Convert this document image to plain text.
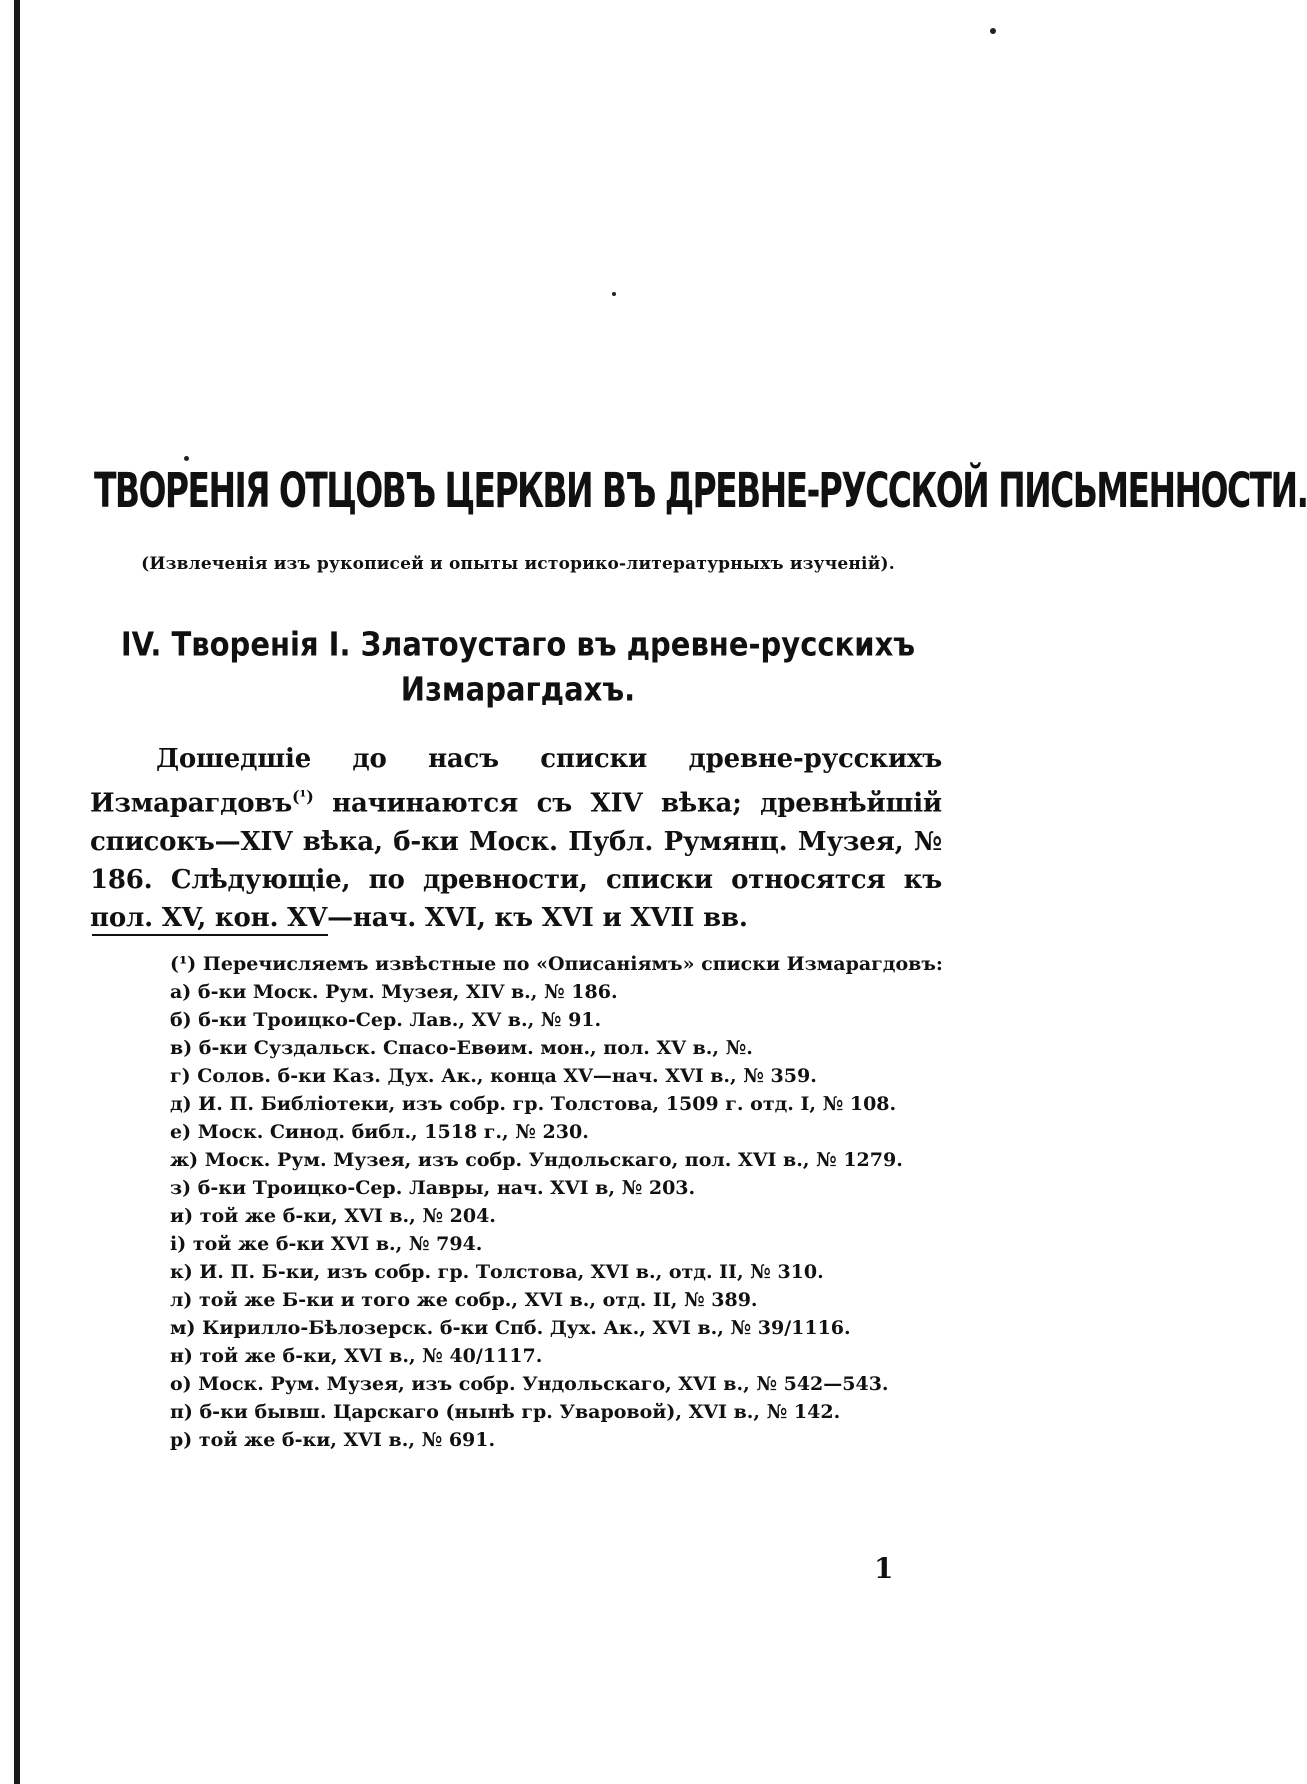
ТВОРЕНІЯ ОТЦОВЪ ЦЕРКВИ ВЪ ДРЕВНЕ-РУССКОЙ ПИСЬМЕННОСТИ.
(Извлеченія изъ рукописей и опыты историко-литературныхъ изученій).
IV. Творенія І. Златоустаго въ древне-русскихъ
Измарагдахъ.
Дошедшіе до насъ списки древне-русскихъ Измарагдовъ$^{(^1)}$ начинаются съ XIV вѣка; древнѣйшій списокъ—XIV вѣка, б-ки Моск. Публ. Румянц. Музея, № 186. Слѣдующіе, по древности, списки относятся къ пол. XV, кон. XV—нач. XVI, къ XVI и XVII вв.
(¹) Перечисляемъ извѣстные по «Описаніямъ» списки Измарагдовъ:
а) б-ки Моск. Рум. Музея, XIV в., № 186.
б) б-ки Троицко-Сер. Лав., XV в., № 91.
в) б-ки Суздальск. Спасо-Евѳим. мон., пол. XV в., №.
г) Солов. б-ки Каз. Дух. Ак., конца XV—нач. XVI в., № 359.
д) И. П. Библіотеки, изъ собр. гр. Толстова, 1509 г. отд. I, № 108.
е) Моск. Синод. библ., 1518 г., № 230.
ж) Моск. Рум. Музея, изъ собр. Ундольскаго, пол. XVI в., № 1279.
з) б-ки Троицко-Сер. Лавры, нач. XVI в, № 203.
и) той же б-ки, XVI в., № 204.
і) той же б-ки XVI в., № 794.
к) И. П. Б-ки, изъ собр. гр. Толстова, XVI в., отд. II, № 310.
л) той же Б-ки и того же собр., XVI в., отд. II, № 389.
м) Кирилло-Бѣлозерск. б-ки Спб. Дух. Ак., XVI в., № 39/1116.
н) той же б-ки, XVI в., № 40/1117.
о) Моск. Рум. Музея, изъ собр. Ундольскаго, XVI в., № 542—543.
п) б-ки бывш. Царскаго (нынѣ гр. Уваровой), XVI в., № 142.
р) той же б-ки, XVI в., № 691.
1
